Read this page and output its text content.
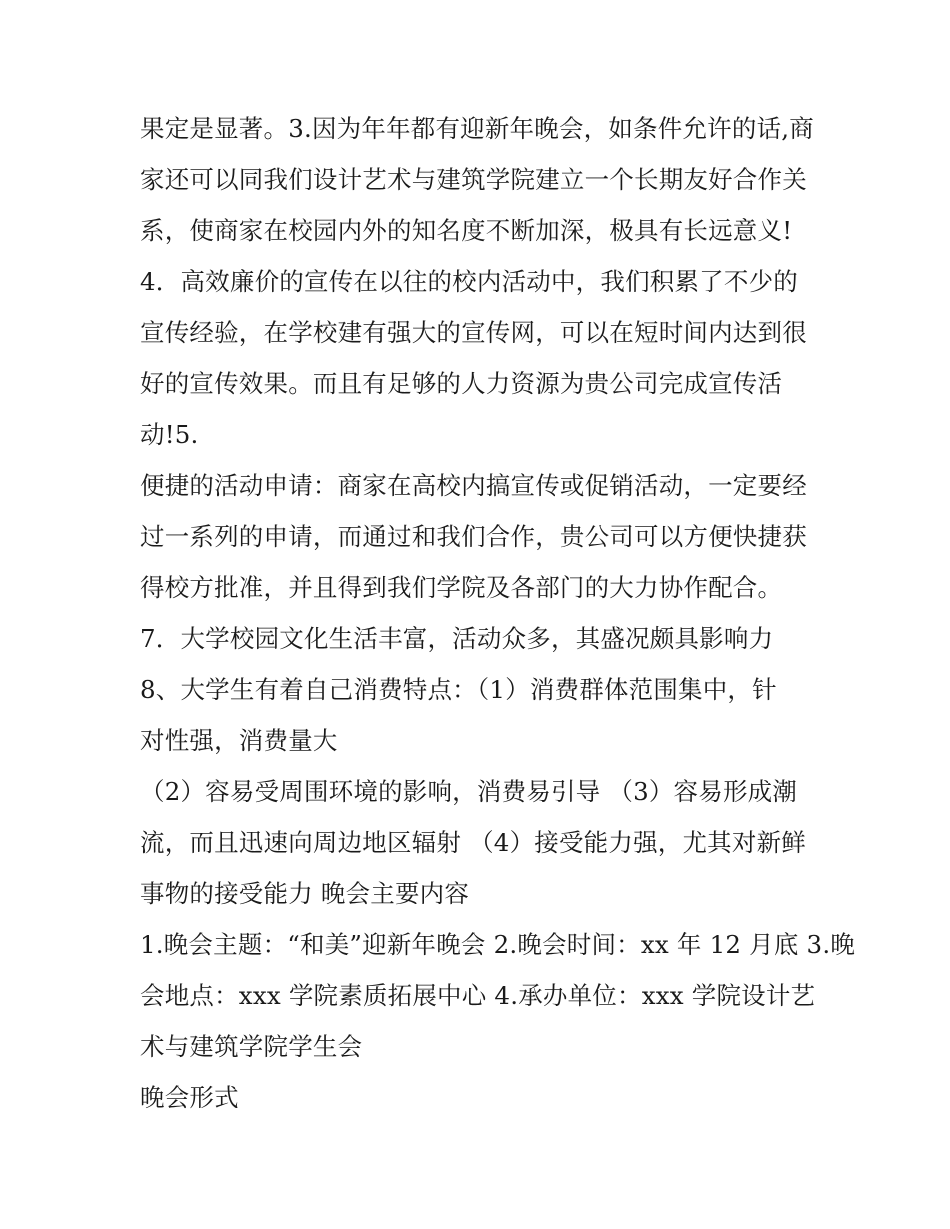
果定是显著。3.因为年年都有迎新年晚会，如条件允许的话,商
家还可以同我们设计艺术与建筑学院建立一个长期友好合作关
系，使商家在校园内外的知名度不断加深，极具有长远意义!
4．高效廉价的宣传在以往的校内活动中，我们积累了不少的
宣传经验，在学校建有强大的宣传网，可以在短时间内达到很
好的宣传效果。而且有足够的人力资源为贵公司完成宣传活
动!5.
便捷的活动申请：商家在高校内搞宣传或促销活动，一定要经
过一系列的申请，而通过和我们合作，贵公司可以方便快捷获
得校方批准，并且得到我们学院及各部门的大力协作配合。
7．大学校园文化生活丰富，活动众多，其盛况颇具影响力
8、大学生有着自己消费特点：（1）消费群体范围集中，针
对性强，消费量大
（2）容易受周围环境的影响，消费易引导 （3）容易形成潮
流，而且迅速向周边地区辐射 （4）接受能力强，尤其对新鲜
事物的接受能力 晚会主要内容
1.晚会主题：“和美”迎新年晚会 2.晚会时间：xx 年 12 月底 3.晚
会地点：xxx 学院素质拓展中心 4.承办单位：xxx 学院设计艺
术与建筑学院学生会
晚会形式
